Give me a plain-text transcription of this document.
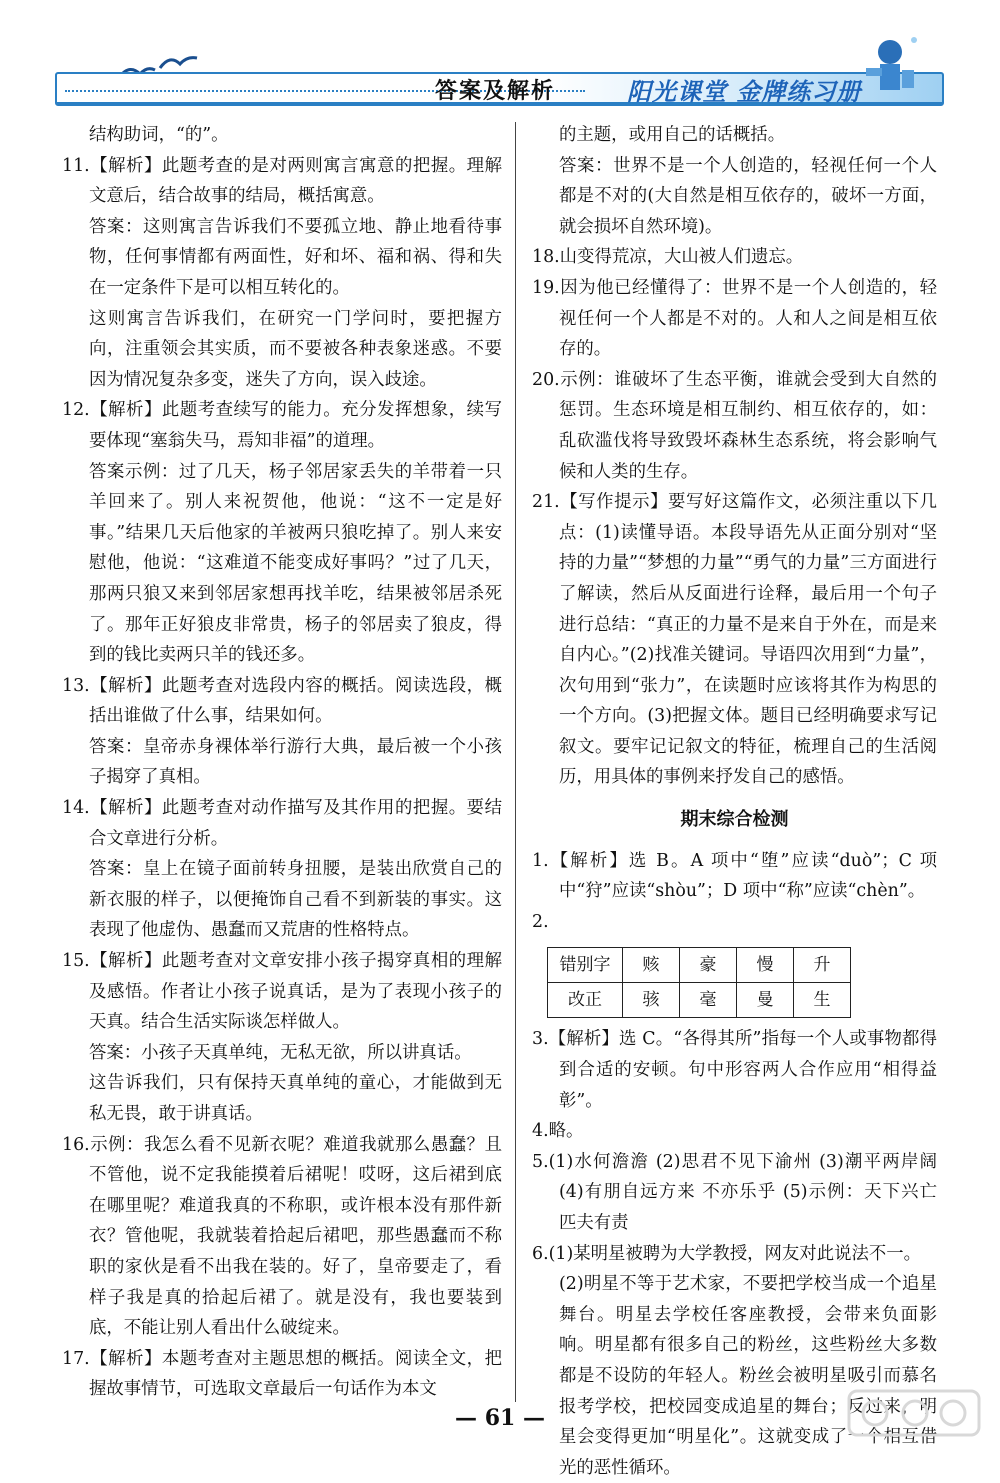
答案及解析	阳光课堂 金牌练习册

结构助词，“的”。

11.【解析】此题考查的是对两则寓言寓意的把握。理解文意后，结合故事的结局，概括寓意。

答案：这则寓言告诉我们不要孤立地、静止地看待事物，任何事情都有两面性，好和坏、福和祸、得和失在一定条件下是可以相互转化的。

这则寓言告诉我们，在研究一门学问时，要把握方向，注重领会其实质，而不要被各种表象迷惑。不要因为情况复杂多变，迷失了方向，误入歧途。

12.【解析】此题考查续写的能力。充分发挥想象，续写要体现“塞翁失马，焉知非福”的道理。

答案示例：过了几天，杨子邻居家丢失的羊带着一只羊回来了。别人来祝贺他，他说：“这不一定是好事。”结果几天后他家的羊被两只狼吃掉了。别人来安慰他，他说：“这难道不能变成好事吗？”过了几天，那两只狼又来到邻居家想再找羊吃，结果被邻居杀死了。那年正好狼皮非常贵，杨子的邻居卖了狼皮，得到的钱比卖两只羊的钱还多。

13.【解析】此题考查对选段内容的概括。阅读选段，概括出谁做了什么事，结果如何。

答案：皇帝赤身裸体举行游行大典，最后被一个小孩子揭穿了真相。

14.【解析】此题考查对动作描写及其作用的把握。要结合文章进行分析。

答案：皇上在镜子面前转身扭腰，是装出欣赏自己的新衣服的样子，以便掩饰自己看不到新装的事实。这表现了他虚伪、愚蠢而又荒唐的性格特点。

15.【解析】此题考查对文章安排小孩子揭穿真相的理解及感悟。作者让小孩子说真话，是为了表现小孩子的天真。结合生活实际谈怎样做人。

答案：小孩子天真单纯，无私无欲，所以讲真话。

这告诉我们，只有保持天真单纯的童心，才能做到无私无畏，敢于讲真话。

16.示例：我怎么看不见新衣呢？难道我就那么愚蠢？且不管他，说不定我能摸着后裙呢！哎呀，这后裙到底在哪里呢？难道我真的不称职，或许根本没有那件新衣？管他呢，我就装着拾起后裙吧，那些愚蠢而不称职的家伙是看不出我在装的。好了，皇帝要走了，看样子我是真的拾起后裙了。就是没有，我也要装到底，不能让别人看出什么破绽来。

17.【解析】本题考查对主题思想的概括。阅读全文，把握故事情节，可选取文章最后一句话作为本文

的主题，或用自己的话概括。

答案：世界不是一个人创造的，轻视任何一个人都是不对的(大自然是相互依存的，破坏一方面，就会损坏自然环境)。

18.山变得荒凉，大山被人们遗忘。

19.因为他已经懂得了：世界不是一个人创造的，轻视任何一个人都是不对的。人和人之间是相互依存的。

20.示例：谁破坏了生态平衡，谁就会受到大自然的惩罚。生态环境是相互制约、相互依存的，如：乱砍滥伐将导致毁坏森林生态系统，将会影响气候和人类的生存。

21.【写作提示】要写好这篇作文，必须注重以下几点：(1)读懂导语。本段导语先从正面分别对“坚持的力量”“梦想的力量”“勇气的力量”三方面进行了解读，然后从反面进行诠释，最后用一个句子进行总结：“真正的力量不是来自于外在，而是来自内心。”(2)找准关键词。导语四次用到“力量”，次句用到“张力”，在读题时应该将其作为构思的一个方向。(3)把握文体。题目已经明确要求写记叙文。要牢记记叙文的特征，梳理自己的生活阅历，用具体的事例来抒发自己的感悟。

期末综合检测

1.【解析】选 B。A 项中“堕”应读“duò”；C 项中“狩”应读“shòu”；D 项中“称”应读“chèn”。

2.

错别字	赅	豪	慢	升
改正	骇	毫	曼	生

3.【解析】选 C。“各得其所”指每一个人或事物都得到合适的安顿。句中形容两人合作应用“相得益彰”。

4.略。

5.(1)水何澹澹 (2)思君不见下渝州 (3)潮平两岸阔 (4)有朋自远方来 不亦乐乎 (5)示例：天下兴亡 匹夫有责

6.(1)某明星被聘为大学教授，网友对此说法不一。

(2)明星不等于艺术家，不要把学校当成一个追星舞台。明星去学校任客座教授，会带来负面影响。明星都有很多自己的粉丝，这些粉丝大多数都是不设防的年轻人。粉丝会被明星吸引而慕名报考学校，把校园变成追星的舞台；反过来，明星会变得更加“明星化”。这就变成了一个相互借光的恶性循环。

— 61 —
